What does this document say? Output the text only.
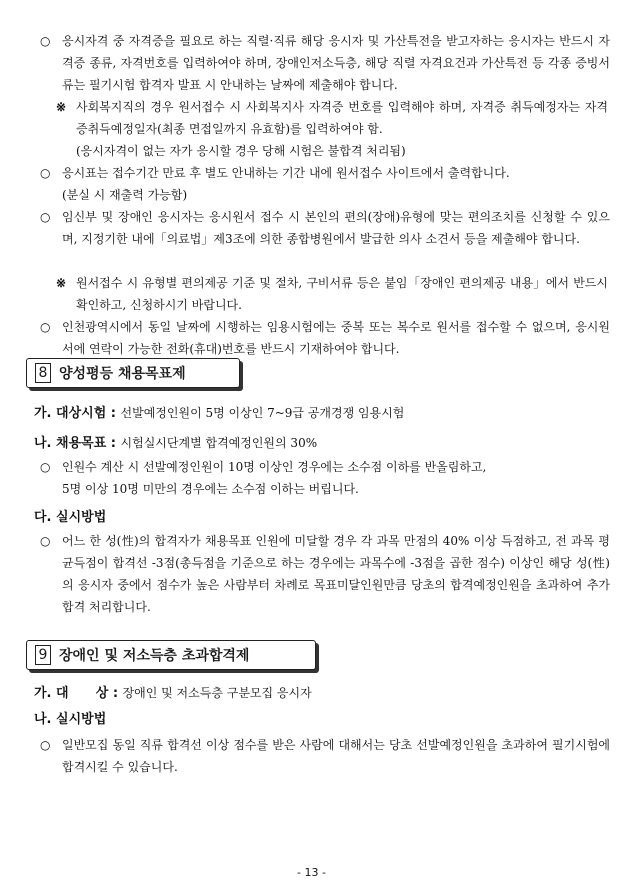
○ 응시자격 중 자격증을 필요로 하는 직렬·직류 해당 응시자 및 가산특전을 받고자하는 응시자는 반드시 자격증 종류, 자격번호를 입력하여야 하며, 장애인저소득층, 해당 직렬 자격요건과 가산특전 등 각종 증빙서류는 필기시험 합격자 발표 시 안내하는 날짜에 제출해야 합니다.

※ 사회복지직의 경우 원서접수 시 사회복지사 자격증 번호를 입력해야 하며, 자격증 취득예정자는 자격증취득예정일자(최종 면접일까지 유효함)를 입력하여야 함.

(응시자격이 없는 자가 응시할 경우 당해 시험은 불합격 처리됨)

○ 응시표는 접수기간 만료 후 별도 안내하는 기간 내에 원서접수 사이트에서 출력합니다.

(분실 시 재출력 가능함)

○ 임신부 및 장애인 응시자는 응시원서 접수 시 본인의 편의(장애)유형에 맞는 편의조치를 신청할 수 있으며, 지정기한 내에「의료법」제3조에 의한 종합병원에서 발급한 의사 소견서 등을 제출해야 합니다.

※ 원서접수 시 유형별 편의제공 기준 및 절차, 구비서류 등은 붙임「장애인 편의제공 내용」에서 반드시 확인하고, 신청하시기 바랍니다.

○ 인천광역시에서 동일 날짜에 시행하는 임용시험에는 중복 또는 복수로 원서를 접수할 수 없으며, 응시원서에 연락이 가능한 전화(휴대)번호를 반드시 기재하여야 합니다.

8 양성평등 채용목표제

가. 대상시험 : 선발예정인원이 5명 이상인 7~9급 공개경쟁 임용시험

나. 채용목표 : 시험실시단계별 합격예정인원의 30%

○ 인원수 계산 시 선발예정인원이 10명 이상인 경우에는 소수점 이하를 반올림하고,

5명 이상 10명 미만의 경우에는 소수점 이하는 버립니다.

다. 실시방법

○ 어느 한 성(性)의 합격자가 채용목표 인원에 미달할 경우 각 과목 만점의 40% 이상 득점하고, 전 과목 평균득점이 합격선 -3점(총득점을 기준으로 하는 경우에는 과목수에 -3점을 곱한 점수) 이상인 해당 성(性)의 응시자 중에서 점수가 높은 사람부터 차례로 목표미달인원만큼 당초의 합격예정인원을 초과하여 추가합격 처리합니다.

9 장애인 및 저소득층 초과합격제

가. 대      상 : 장애인 및 저소득층 구분모집 응시자

나. 실시방법

○ 일반모집 동일 직류 합격선 이상 점수를 받은 사람에 대해서는 당초 선발예정인원을 초과하여 필기시험에 합격시킬 수 있습니다.

- 13 -
